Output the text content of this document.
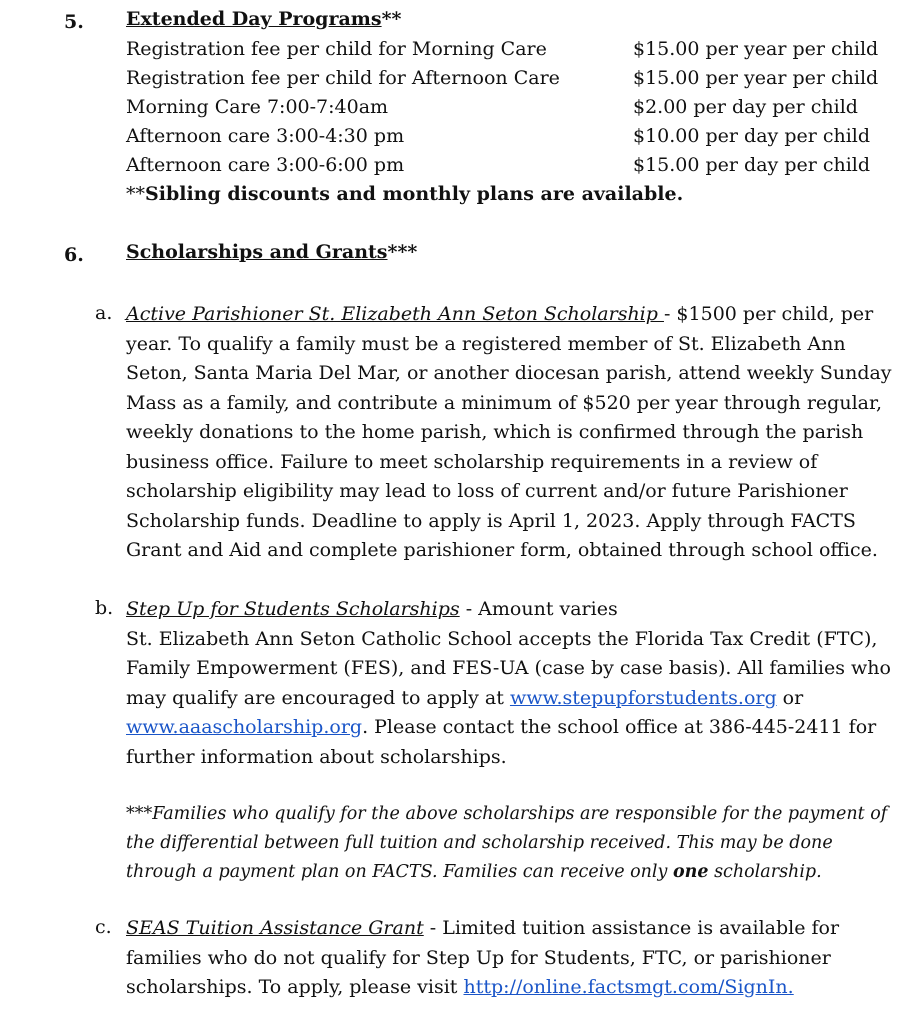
5. Extended Day Programs**
Registration fee per child for Morning Care	$15.00 per year per child
Registration fee per child for Afternoon Care	$15.00 per year per child
Morning Care 7:00-7:40am	$2.00 per day per child
Afternoon care 3:00-4:30 pm	$10.00 per day per child
Afternoon care 3:00-6:00 pm	$15.00 per day per child
**Sibling discounts and monthly plans are available.
6. Scholarships and Grants***
a. Active Parishioner St. Elizabeth Ann Seton Scholarship - $1500 per child, per year. To qualify a family must be a registered member of St. Elizabeth Ann Seton, Santa Maria Del Mar, or another diocesan parish, attend weekly Sunday Mass as a family, and contribute a minimum of $520 per year through regular, weekly donations to the home parish, which is confirmed through the parish business office. Failure to meet scholarship requirements in a review of scholarship eligibility may lead to loss of current and/or future Parishioner Scholarship funds. Deadline to apply is April 1, 2023. Apply through FACTS Grant and Aid and complete parishioner form, obtained through school office.
b. Step Up for Students Scholarships - Amount varies
St. Elizabeth Ann Seton Catholic School accepts the Florida Tax Credit (FTC), Family Empowerment (FES), and FES-UA (case by case basis). All families who may qualify are encouraged to apply at www.stepupforstudents.org or www.aaascholarship.org. Please contact the school office at 386-445-2411 for further information about scholarships.
***Families who qualify for the above scholarships are responsible for the payment of the differential between full tuition and scholarship received. This may be done through a payment plan on FACTS. Families can receive only one scholarship.
c. SEAS Tuition Assistance Grant - Limited tuition assistance is available for families who do not qualify for Step Up for Students, FTC, or parishioner scholarships. To apply, please visit http://online.factsmgt.com/SignIn.
